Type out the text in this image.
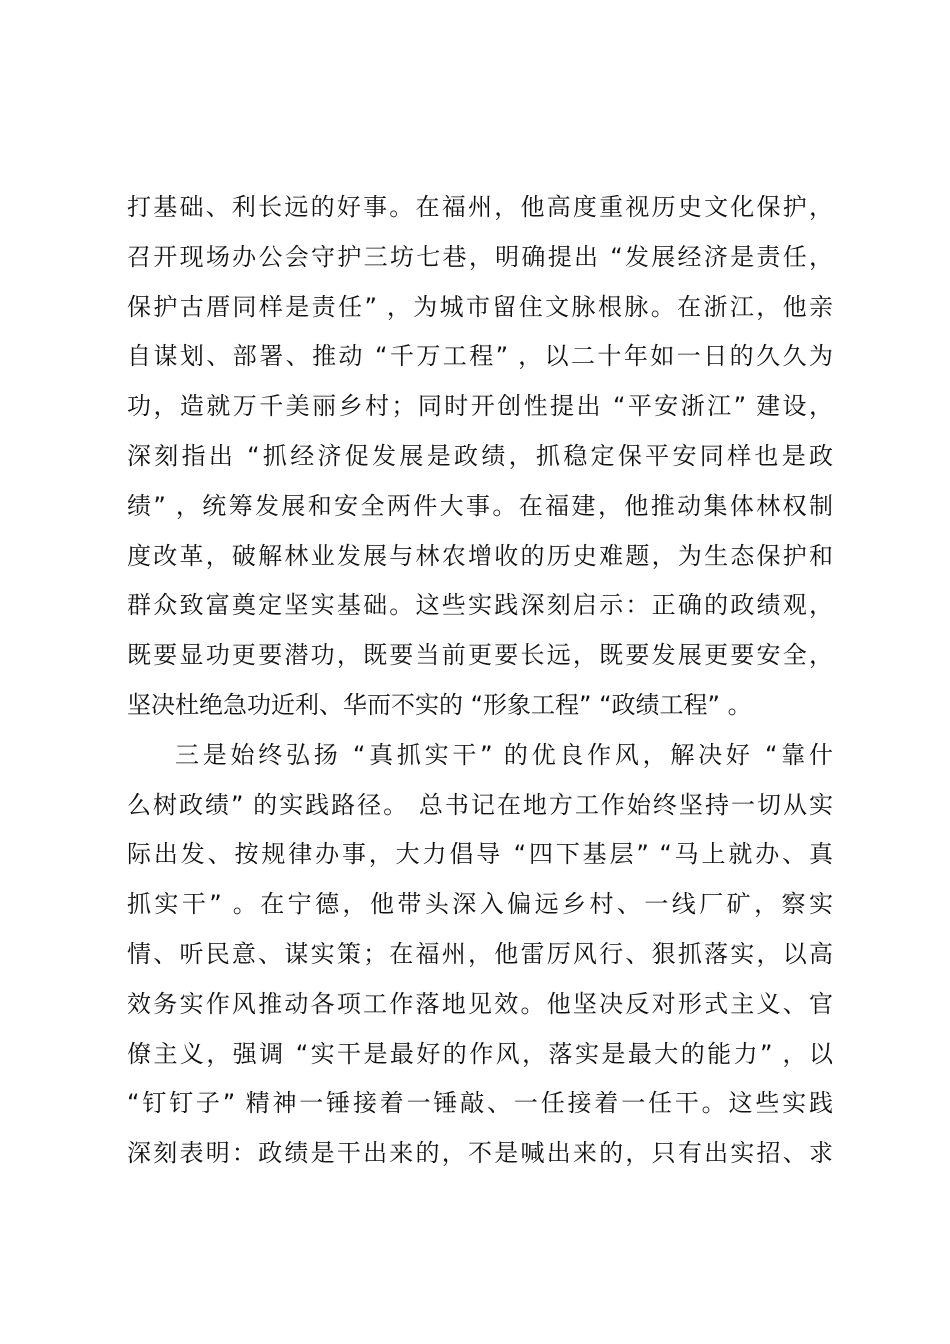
打基础、利长远的好事。在福州，他高度重视历史文化保护，
召开现场办公会守护三坊七巷，明确提出 “发展经济是责任，
保护古厝同样是责任” ，为城市留住文脉根脉。在浙江，他亲
自谋划、部署、推动 “千万工程” ，以二十年如一日的久久为
功，造就万千美丽乡村；同时开创性提出 “平安浙江” 建设，
深刻指出 “抓经济促发展是政绩，抓稳定保平安同样也是政
绩” ，统筹发展和安全两件大事。在福建，他推动集体林权制
度改革，破解林业发展与林农增收的历史难题，为生态保护和
群众致富奠定坚实基础。这些实践深刻启示：正确的政绩观，
既要显功更要潜功，既要当前更要长远，既要发展更要安全，
坚决杜绝急功近利、华而不实的 “形象工程” “政绩工程” 。
三是始终弘扬 “真抓实干” 的优良作风，解决好 “靠什
么树政绩” 的实践路径。 总书记在地方工作始终坚持一切从实
际出发、按规律办事，大力倡导 “四下基层” “马上就办、真
抓实干” 。在宁德，他带头深入偏远乡村、一线厂矿，察实
情、听民意、谋实策；在福州，他雷厉风行、狠抓落实，以高
效务实作风推动各项工作落地见效。他坚决反对形式主义、官
僚主义，强调 “实干是最好的作风，落实是最大的能力” ，以
“钉钉子” 精神一锤接着一锤敲、一任接着一任干。这些实践
深刻表明：政绩是干出来的，不是喊出来的，只有出实招、求
